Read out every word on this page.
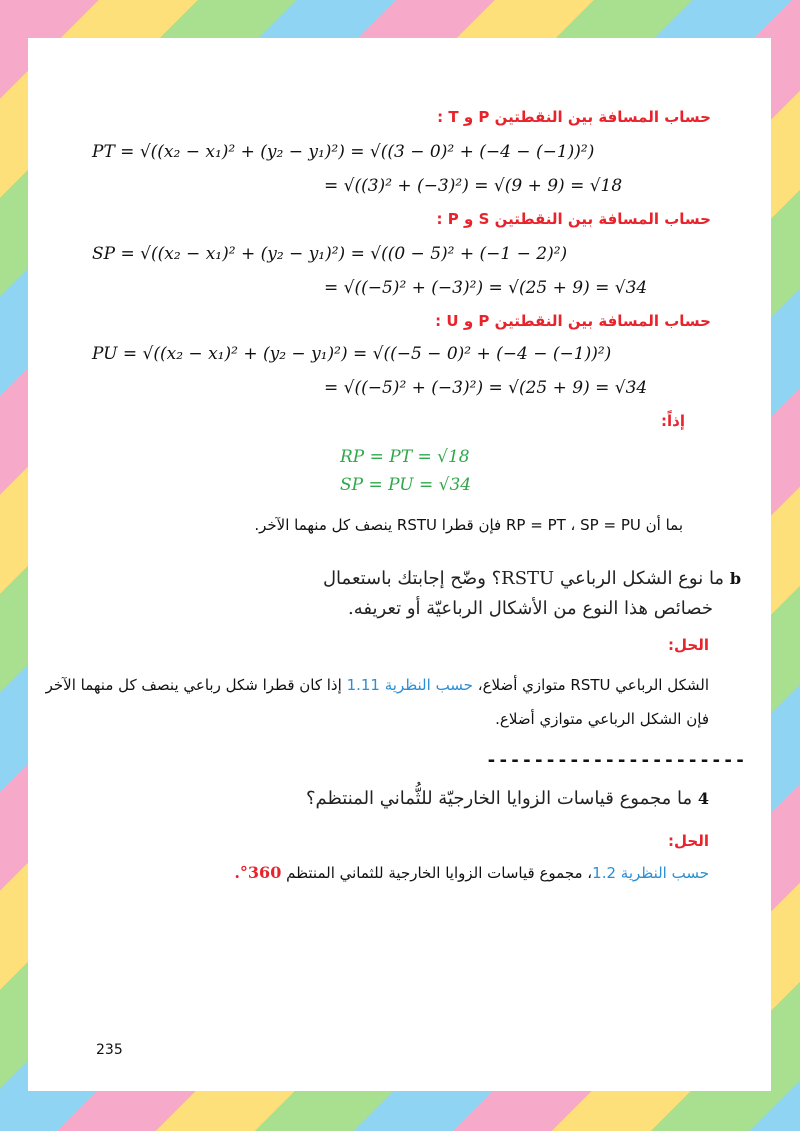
حساب المسافة بين النقطتين P و T :
PT = √((x₂ − x₁)² + (y₂ − y₁)²) = √((3 − 0)² + (−4 − (−1))²)
= √((3)² + (−3)²) = √(9 + 9) = √18
حساب المسافة بين النقطتين S و P :
SP = √((x₂ − x₁)² + (y₂ − y₁)²) = √((0 − 5)² + (−1 − 2)²)
= √((−5)² + (−3)²) = √(25 + 9) = √34
حساب المسافة بين النقطتين P و U :
PU = √((x₂ − x₁)² + (y₂ − y₁)²) = √((−5 − 0)² + (−4 − (−1))²)
= √((−5)² + (−3)²) = √(25 + 9) = √34
إذاً:
RP = PT = √18
SP = PU = √34
بما أن RP = PT ، SP = PU فإن قطرا RSTU ينصف كل منهما الآخر.
b ما نوع الشكل الرباعي RSTU؟ وضّح إجابتك باستعمال
خصائص هذا النوع من الأشكال الرباعيّة أو تعريفه.
الحل:
الشكل الرباعي RSTU متوازي أضلاع، حسب النظرية 1.11 إذا كان قطرا شكل رباعي ينصف كل منهما الآخر
فإن الشكل الرباعي متوازي أضلاع.
----------------------
4 ما مجموع قياسات الزوايا الخارجيّة للثُّماني المنتظم؟
الحل:
حسب النظرية 1.2، مجموع قياسات الزوايا الخارجية للثماني المنتظم 360°.
235
